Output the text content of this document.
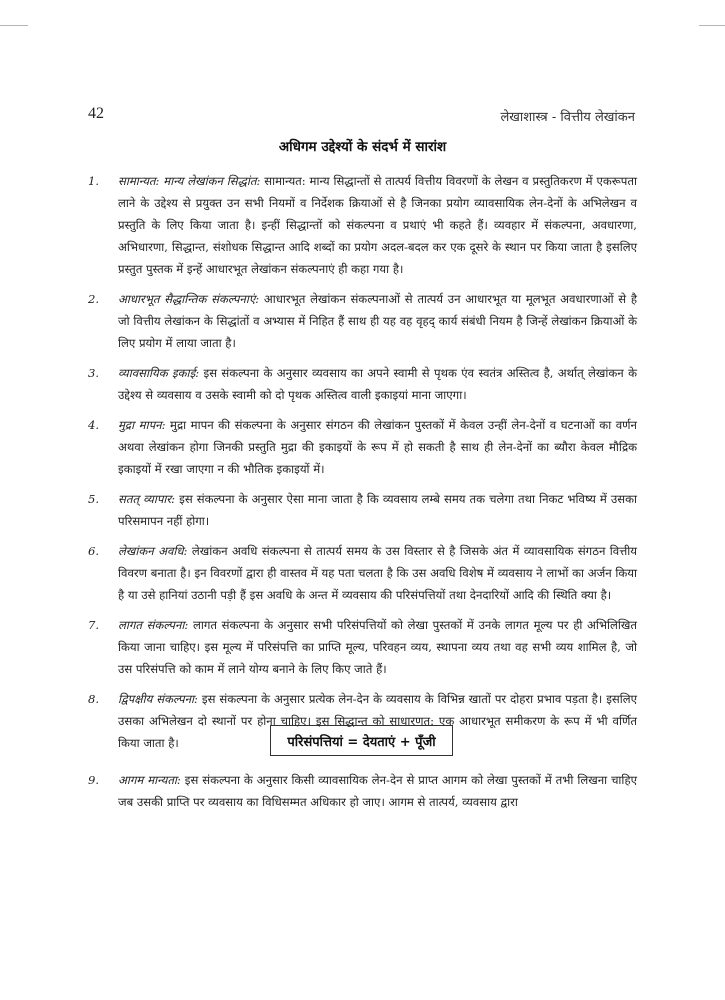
42	लेखाशास्त्र - वित्तीय लेखांकन
अधिगम उद्देश्यों के संदर्भ में सारांश
1. सामान्यत: मान्य लेखांकन सिद्धांत: सामान्यत: मान्य सिद्धान्तों से तात्पर्य वित्तीय विवरणों के लेखन व प्रस्तुतिकरण में एकरूपता लाने के उद्देश्य से प्रयुक्त उन सभी नियमों व निर्देशक क्रियाओं से है जिनका प्रयोग व्यावसायिक लेन-देनों के अभिलेखन व प्रस्तुति के लिए किया जाता है। इन्हीं सिद्धान्तों को संकल्पना व प्रथाएं भी कहते हैं। व्यवहार में संकल्पना, अवधारणा, अभिधारणा, सिद्धान्त, संशोधक सिद्धान्त आदि शब्दों का प्रयोग अदल-बदल कर एक दूसरे के स्थान पर किया जाता है इसलिए प्रस्तुत पुस्तक में इन्हें आधारभूत लेखांकन संकल्पनाएं ही कहा गया है।
2. आधारभूत सैद्धान्तिक संकल्पनाएं: आधारभूत लेखांकन संकल्पनाओं से तात्पर्य उन आधारभूत या मूलभूत अवधारणाओं से है जो वित्तीय लेखांकन के सिद्धांतों व अभ्यास में निहित हैं साथ ही यह वह वृहद् कार्य संबंधी नियम है जिन्हें लेखांकन क्रियाओं के लिए प्रयोग में लाया जाता है।
3. व्यावसायिक इकाई: इस संकल्पना के अनुसार व्यवसाय का अपने स्वामी से पृथक एंव स्वतंत्र अस्तित्व है, अर्थात् लेखांकन के उद्देश्य से व्यवसाय व उसके स्वामी को दो पृथक अस्तित्व वाली इकाइयां माना जाएगा।
4. मुद्रा मापन: मुद्रा मापन की संकल्पना के अनुसार संगठन की लेखांकन पुस्तकों में केवल उन्हीं लेन-देनों व घटनाओं का वर्णन अथवा लेखांकन होगा जिनकी प्रस्तुति मुद्रा की इकाइयों के रूप में हो सकती है साथ ही लेन-देनों का ब्यौरा केवल मौद्रिक इकाइयों में रखा जाएगा न की भौतिक इकाइयों में।
5. सतत् व्यापार: इस संकल्पना के अनुसार ऐसा माना जाता है कि व्यवसाय लम्बे समय तक चलेगा तथा निकट भविष्य में उसका परिसमापन नहीं होगा।
6. लेखांकन अवधि: लेखांकन अवधि संकल्पना से तात्पर्य समय के उस विस्तार से है जिसके अंत में व्यावसायिक संगठन वित्तीय विवरण बनाता है। इन विवरणों द्वारा ही वास्तव में यह पता चलता है कि उस अवधि विशेष में व्यवसाय ने लाभों का अर्जन किया है या उसे हानियां उठानी पड़ी हैं इस अवधि के अन्त में व्यवसाय की परिसंपत्तियों तथा देनदारियों आदि की स्थिति क्या है।
7. लागत संकल्पना: लागत संकल्पना के अनुसार सभी परिसंपत्तियों को लेखा पुस्तकों में उनके लागत मूल्य पर ही अभिलिखित किया जाना चाहिए। इस मूल्य में परिसंपत्ति का प्राप्ति मूल्य, परिवहन व्यय, स्थापना व्यय तथा वह सभी व्यय शामिल है, जो उस परिसंपत्ति को काम में लाने योग्य बनाने के लिए किए जाते हैं।
8. द्विपक्षीय संकल्पना: इस संकल्पना के अनुसार प्रत्येक लेन-देन के व्यवसाय के विभिन्न खातों पर दोहरा प्रभाव पड़ता है। इसलिए उसका अभिलेखन दो स्थानों पर होना चाहिए। इस सिद्धान्त को साधारणत: एक आधारभूत समीकरण के रूप में भी वर्णित किया जाता है।	परिसंपत्तियां = देयताएं + पूँजी
9. आगम मान्यता: इस संकल्पना के अनुसार किसी व्यावसायिक लेन-देन से प्राप्त आगम को लेखा पुस्तकों में तभी लिखना चाहिए जब उसकी प्राप्ति पर व्यवसाय का विधिसम्मत अधिकार हो जाए। आगम से तात्पर्य, व्यवसाय द्वारा
